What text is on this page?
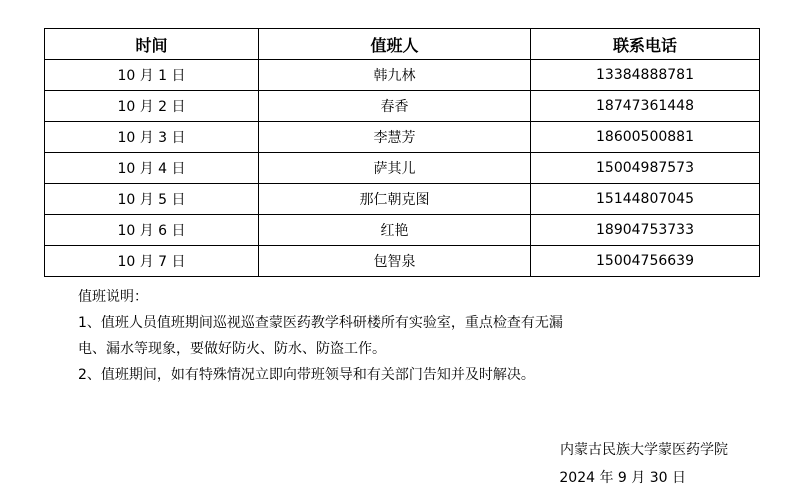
时间	值班人	联系电话
10 月 1 日	韩九林	13384888781
10 月 2 日	春香	18747361448
10 月 3 日	李慧芳	18600500881
10 月 4 日	萨其儿	15004987573
10 月 5 日	那仁朝克图	15144807045
10 月 6 日	红艳	18904753733
10 月 7 日	包智泉	15004756639

值班说明：

1、值班人员值班期间巡视巡查蒙医药教学科研楼所有实验室，重点检查有无漏

电、漏水等现象，要做好防火、防水、防盗工作。

2、值班期间，如有特殊情况立即向带班领导和有关部门告知并及时解决。

内蒙古民族大学蒙医药学院
2024 年 9 月 30 日
